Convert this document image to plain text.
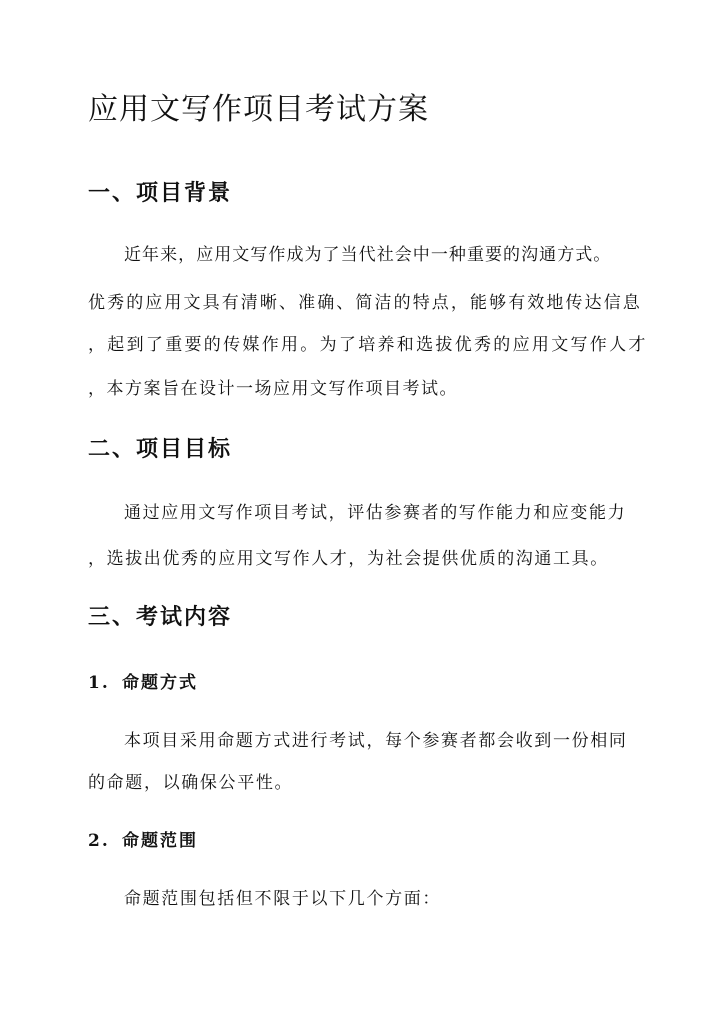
应用文写作项目考试方案
一、项目背景

近年来，应用文写作成为了当代社会中一种重要的沟通方式。

优秀的应用文具有清晰、准确、简洁的特点，能够有效地传达信息

，起到了重要的传媒作用。为了培养和选拔优秀的应用文写作人才

，本方案旨在设计一场应用文写作项目考试。

二、项目目标

通过应用文写作项目考试，评估参赛者的写作能力和应变能力

，选拔出优秀的应用文写作人才，为社会提供优质的沟通工具。

三、考试内容
1. 命题方式

本项目采用命题方式进行考试，每个参赛者都会收到一份相同

的命题，以确保公平性。

2. 命题范围

命题范围包括但不限于以下几个方面：
